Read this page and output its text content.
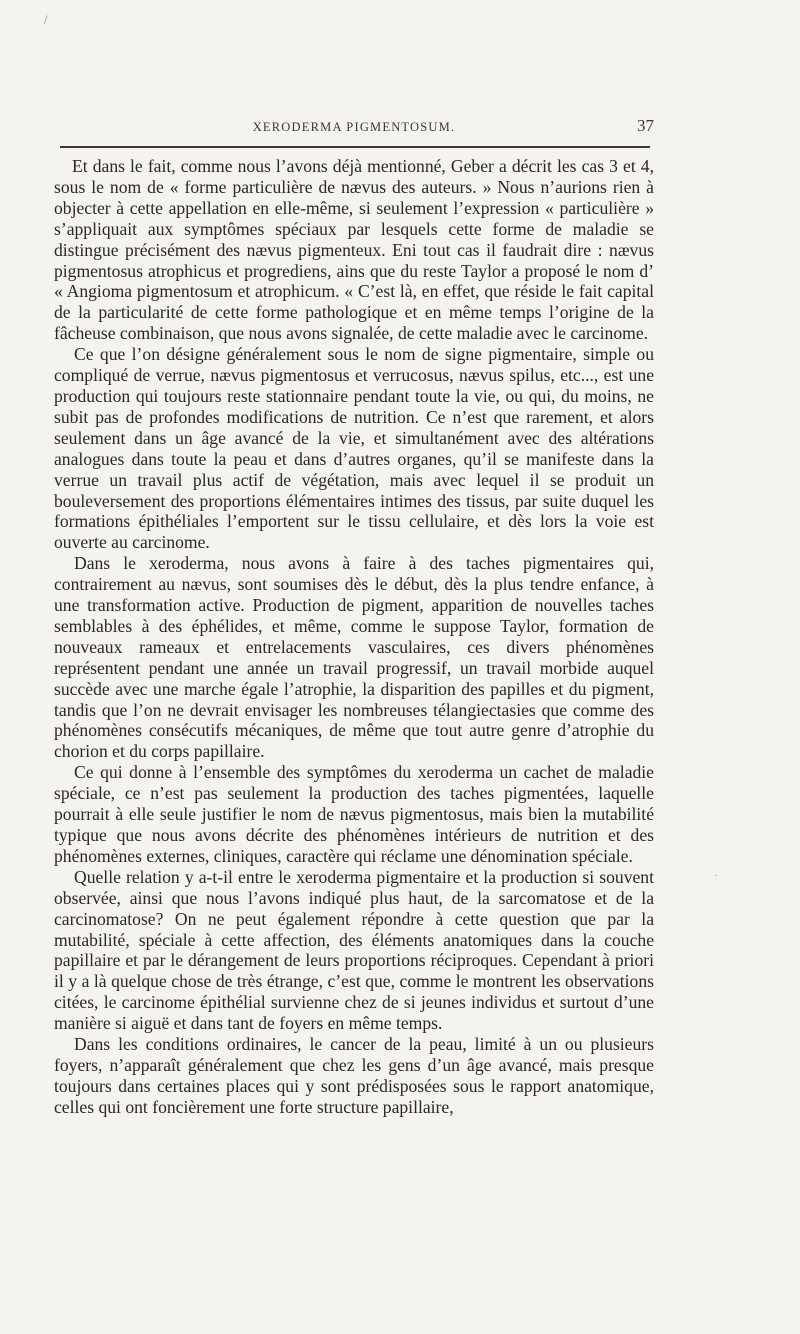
/
XERODERMA PIGMENTOSUM.	37

Et dans le fait, comme nous l’avons déjà mentionné, Geber a décrit les cas 3 et 4, sous le nom de « forme particulière de nævus des auteurs. » Nous n’aurions rien à objecter à cette appellation en elle-même, si seulement l’expression « particulière » s’appliquait aux symptômes spéciaux par lesquels cette forme de maladie se distingue précisément des nævus pigmenteux. Eni tout cas il faudrait dire : nævus pigmentosus atrophicus et progrediens, ains que du reste Taylor a proposé le nom d’ « Angioma pigmentosum et atrophicum. « C’est là, en effet, que réside le fait capital de la particularité de cette forme pathologique et en même temps l’origine de la fâcheuse combinaison, que nous avons signalée, de cette maladie avec le carcinome.

Ce que l’on désigne généralement sous le nom de signe pigmentaire, simple ou compliqué de verrue, nævus pigmentosus et verrucosus, nævus spilus, etc..., est une production qui toujours reste stationnaire pendant toute la vie, ou qui, du moins, ne subit pas de profondes modifications de nutrition. Ce n’est que rarement, et alors seulement dans un âge avancé de la vie, et simultanément avec des altérations analogues dans toute la peau et dans d’autres organes, qu’il se manifeste dans la verrue un travail plus actif de végétation, mais avec lequel il se produit un bouleversement des proportions élémentaires intimes des tissus, par suite duquel les formations épithéliales l’emportent sur le tissu cellulaire, et dès lors la voie est ouverte au carcinome.

Dans le xeroderma, nous avons à faire à des taches pigmentaires qui, contrairement au nævus, sont soumises dès le début, dès la plus tendre enfance, à une transformation active. Production de pigment, apparition de nouvelles taches semblables à des éphélides, et même, comme le suppose Taylor, formation de nouveaux rameaux et entrelacements vasculaires, ces divers phénomènes représentent pendant une année un travail progressif, un travail morbide auquel succède avec une marche égale l’atrophie, la disparition des papilles et du pigment, tandis que l’on ne devrait envisager les nombreuses télangiectasies que comme des phénomènes consécutifs mécaniques, de même que tout autre genre d’atrophie du chorion et du corps papillaire.

Ce qui donne à l’ensemble des symptômes du xeroderma un cachet de maladie spéciale, ce n’est pas seulement la production des taches pigmentées, laquelle pourrait à elle seule justifier le nom de nævus pigmentosus, mais bien la mutabilité typique que nous avons décrite des phénomènes intérieurs de nutrition et des phénomènes externes, cliniques, caractère qui réclame une dénomination spéciale.

Quelle relation y a-t-il entre le xeroderma pigmentaire et la production si souvent observée, ainsi que nous l’avons indiqué plus haut, de la sarcomatose et de la carcinomatose? On ne peut également répondre à cette question que par la mutabilité, spéciale à cette affection, des éléments anatomiques dans la couche papillaire et par le dérangement de leurs proportions réciproques. Cependant à priori il y a là quelque chose de très étrange, c’est que, comme le montrent les observations citées, le carcinome épithélial survienne chez de si jeunes individus et surtout d’une manière si aiguë et dans tant de foyers en même temps.

Dans les conditions ordinaires, le cancer de la peau, limité à un ou plusieurs foyers, n’apparaît généralement que chez les gens d’un âge avancé, mais presque toujours dans certaines places qui y sont prédisposées sous le rapport anatomique, celles qui ont foncièrement une forte structure papillaire,

·
